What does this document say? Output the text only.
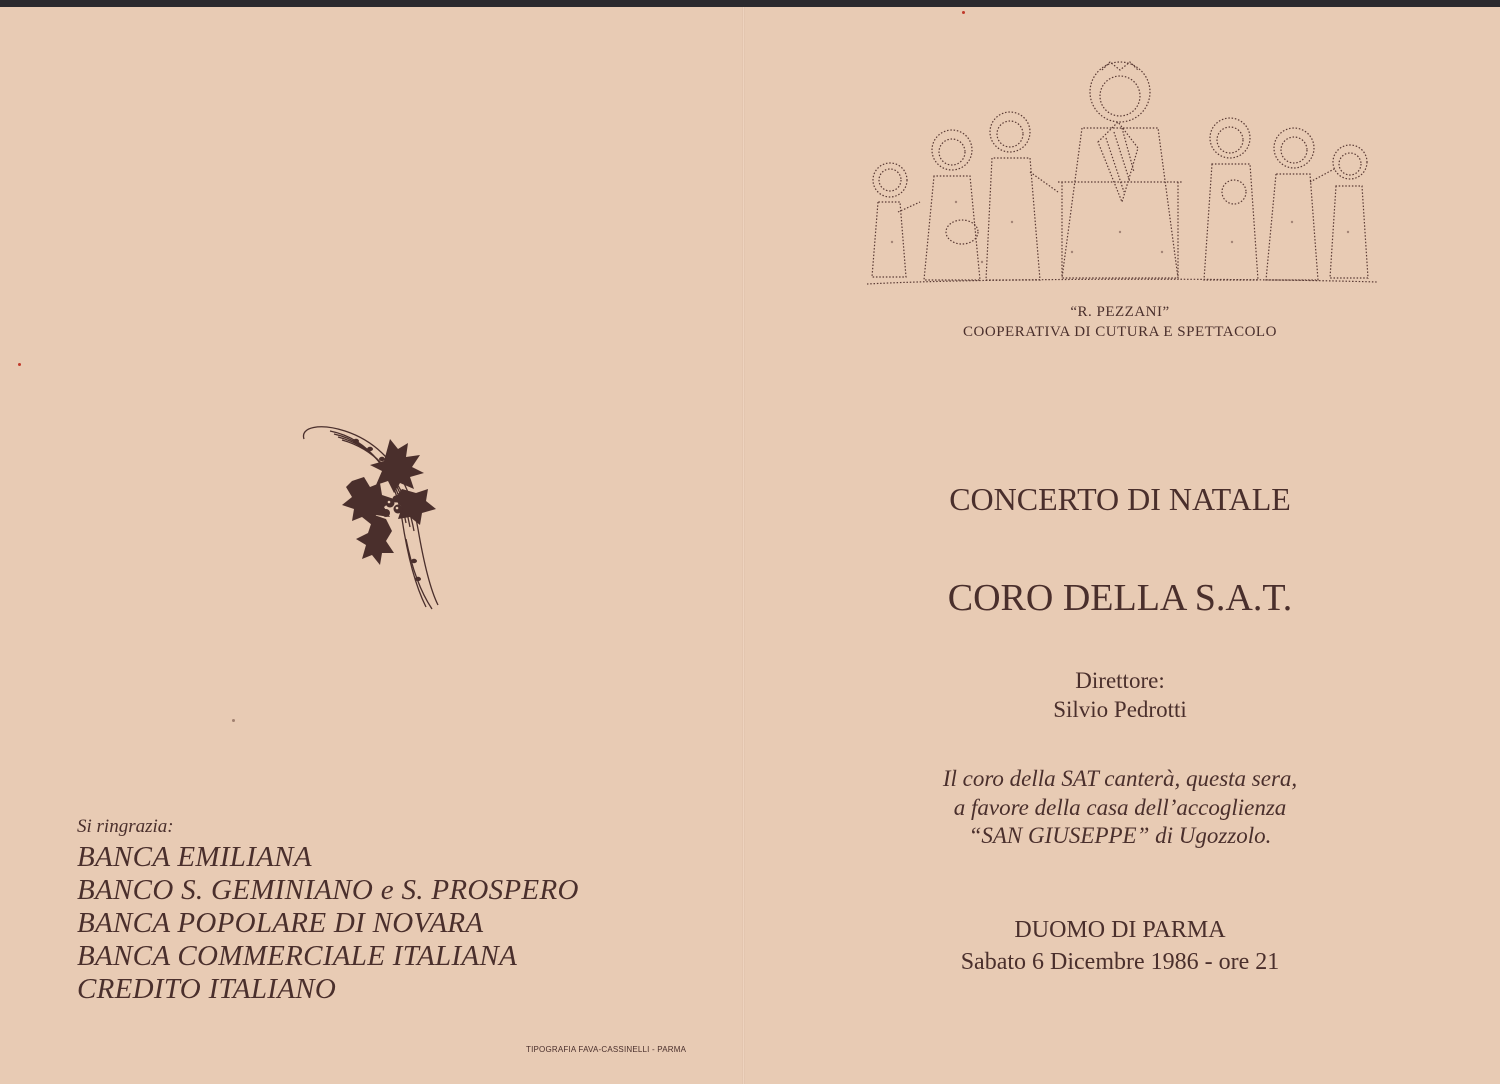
Si ringrazia:
BANCA EMILIANA
BANCO S. GEMINIANO e S. PROSPERO
BANCA POPOLARE DI NOVARA
BANCA COMMERCIALE ITALIANA
CREDITO ITALIANO
TIPOGRAFIA FAVA-CASSINELLI - PARMA
“R. PEZZANI”
COOPERATIVA DI CUTURA E SPETTACOLO
CONCERTO DI NATALE
CORO DELLA S.A.T.
Direttore:
Silvio Pedrotti
Il coro della SAT canterà, questa sera,
a favore della casa dell’accoglienza
“SAN GIUSEPPE” di Ugozzolo.
DUOMO DI PARMA
Sabato 6 Dicembre 1986 - ore 21
